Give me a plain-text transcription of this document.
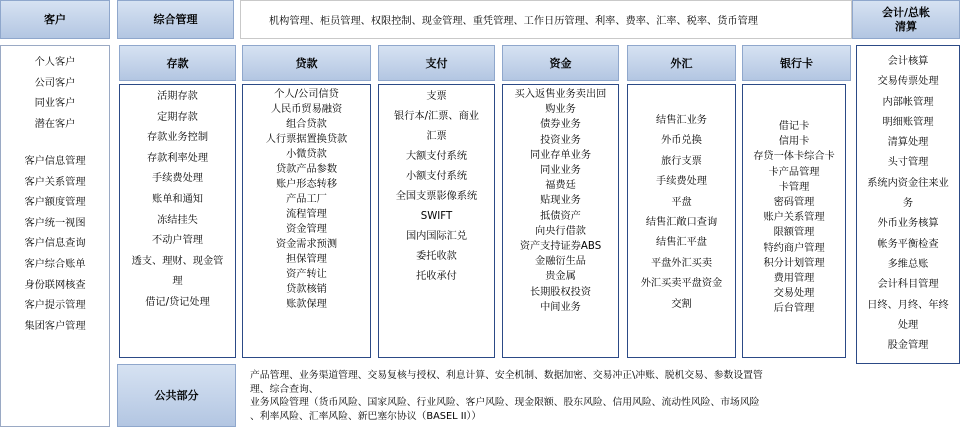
客户
个人客户
公司客户
同业客户
潜在客户
客户信息管理
客户关系管理
客户额度管理
客户统一视图
客户信息查询
客户综合账单
身份联网核查
客户提示管理
集团客户管理
综合管理	机构管理、柜员管理、权限控制、现金管理、重凭管理、工作日历管理、利率、费率、汇率、税率、货币管理
会计/总帐
清算
会计核算
交易传票处理
内部帐管理
明细账管理
清算处理
头寸管理
系统内资金往来业
务
外币业务核算
帐务平衡检查
多维总账
会计科目管理
日终、月终、年终
处理
股金管理
存款
活期存款
定期存款
存款业务控制
存款利率处理
手续费处理
账单和通知
冻结挂失
不动户管理
透支、理财、现金管
理
借记/贷记处理
贷款
个人/公司信贷
人民币贸易融资
组合贷款
人行票据置换贷款
小微贷款
贷款产品参数
账户形态转移
产品工厂
流程管理
资金管理
资金需求预测
担保管理
资产转让
贷款核销
账款保理
支付
支票
银行本/汇票、商业
汇票
大额支付系统
小额支付系统
全国支票影像系统
SWIFT
国内国际汇兑
委托收款
托收承付
资金
买入返售业务卖出回
购业务
债券业务
投资业务
同业存单业务
同业业务
福费廷
贴现业务
抵债资产
向央行借款
资产支持证券ABS
金融衍生品
贵金属
长期股权投资
中间业务
外汇
结售汇业务
外币兑换
旅行支票
手续费处理
平盘
结售汇敞口查询
结售汇平盘
平盘外汇买卖
外汇买卖平盘资金
交割
银行卡
借记卡
信用卡
存贷一体卡综合卡
卡产品管理
卡管理
密码管理
账户关系管理
限额管理
特约商户管理
积分计划管理
费用管理
交易处理
后台管理
公共部分
产品管理、业务渠道管理、交易复核与授权、利息计算、安全机制、数据加密、交易冲正\冲账、脱机交易、参数设置管
理、综合查询、
业务风险管理（货币风险、国家风险、行业风险、客户风险、现金限额、股东风险、信用风险、流动性风险、市场风险
、利率风险、汇率风险、新巴塞尔协议（BASEL II））
